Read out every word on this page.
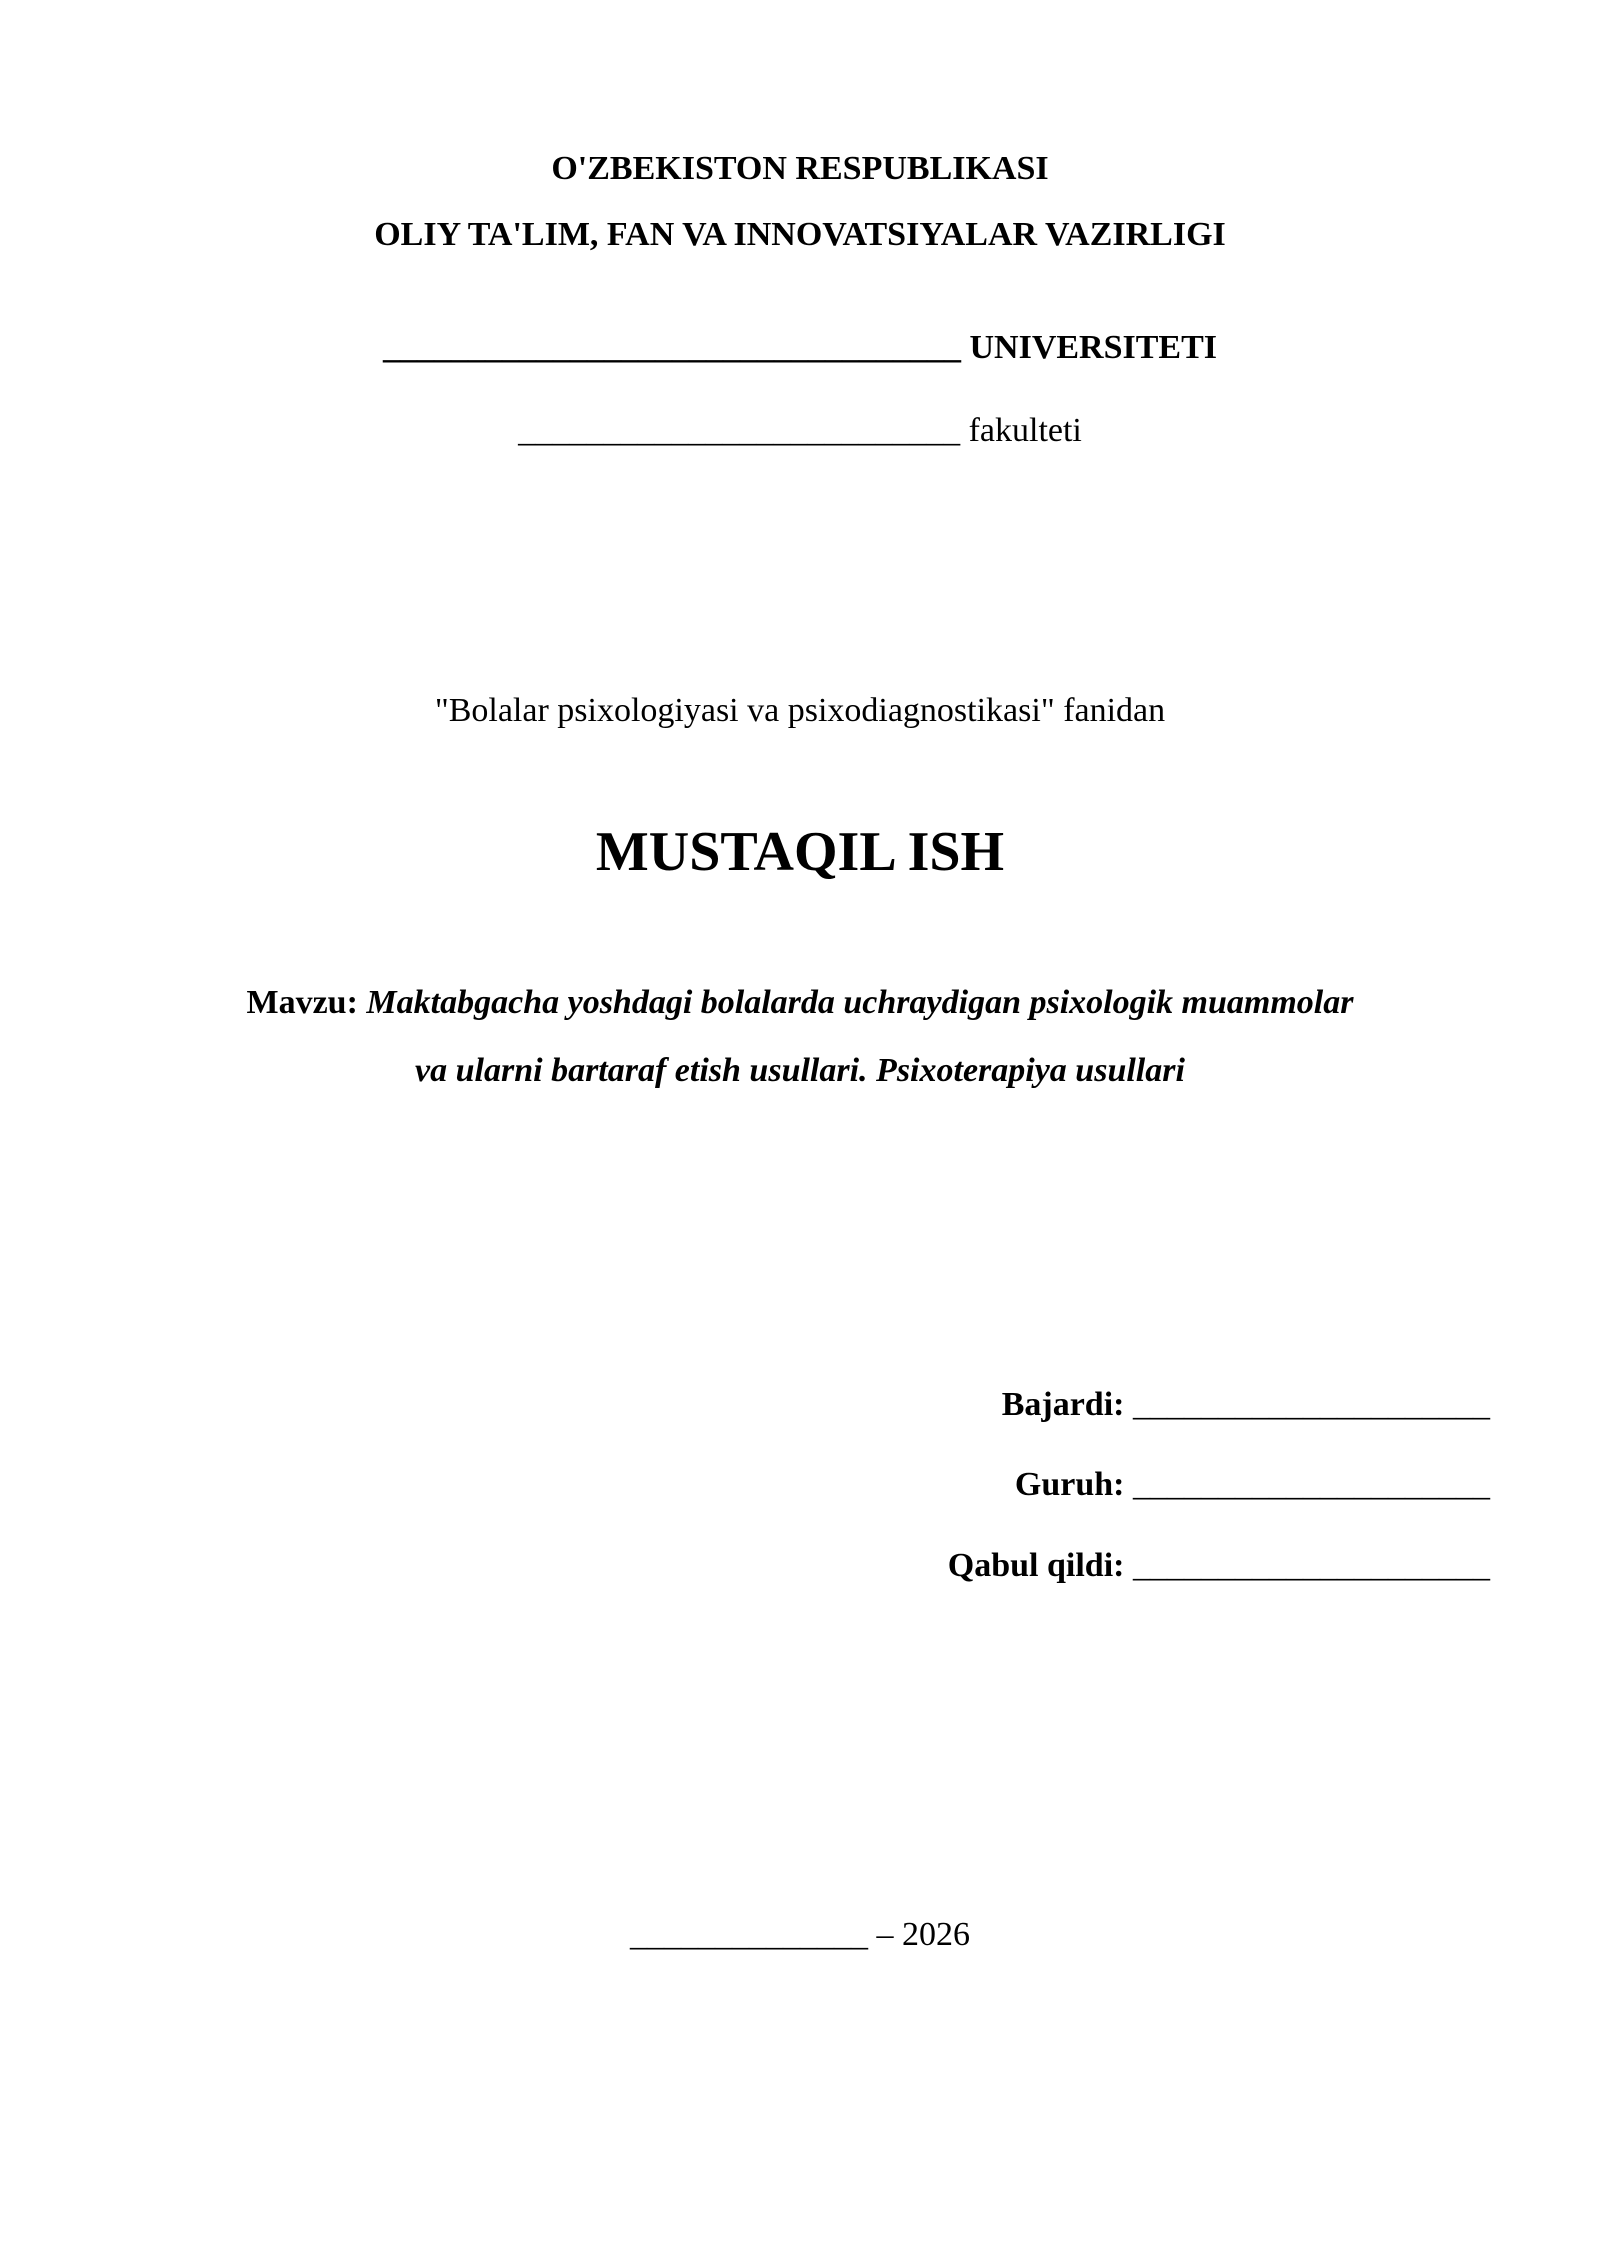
O'ZBEKISTON RESPUBLIKASI
OLIY TA'LIM, FAN VA INNOVATSIYALAR VAZIRLIGI
__________________________________ UNIVERSITETI
__________________________ fakulteti
"Bolalar psixologiyasi va psixodiagnostikasi" fanidan
MUSTAQIL ISH
Mavzu: Maktabgacha yoshdagi bolalarda uchraydigan psixologik muammolar
va ularni bartaraf etish usullari. Psixoterapiya usullari
Bajardi: _____________________
Guruh: _____________________
Qabul qildi: _____________________
______________ – 2026
